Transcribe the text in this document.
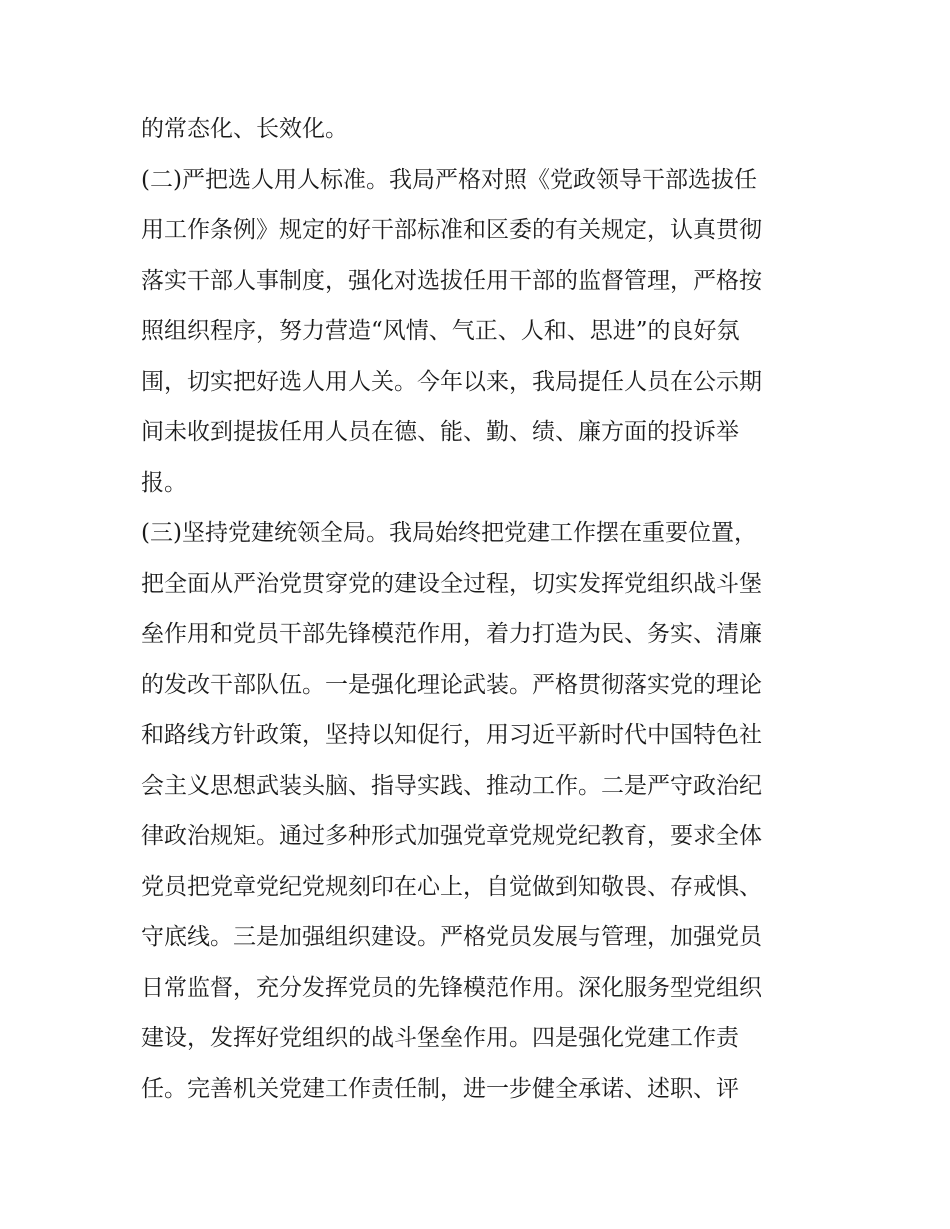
的常态化、长效化。
(二)严把选人用人标准。我局严格对照《党政领导干部选拔任
用工作条例》规定的好干部标准和区委的有关规定，认真贯彻
落实干部人事制度，强化对选拔任用干部的监督管理，严格按
照组织程序，努力营造“风情、气正、人和、思进”的良好氛
围，切实把好选人用人关。今年以来，我局提任人员在公示期
间未收到提拔任用人员在德、能、勤、绩、廉方面的投诉举
报。
(三)坚持党建统领全局。我局始终把党建工作摆在重要位置，
把全面从严治党贯穿党的建设全过程，切实发挥党组织战斗堡
垒作用和党员干部先锋模范作用，着力打造为民、务实、清廉
的发改干部队伍。一是强化理论武装。严格贯彻落实党的理论
和路线方针政策，坚持以知促行，用习近平新时代中国特色社
会主义思想武装头脑、指导实践、推动工作。二是严守政治纪
律政治规矩。通过多种形式加强党章党规党纪教育，要求全体
党员把党章党纪党规刻印在心上，自觉做到知敬畏、存戒惧、
守底线。三是加强组织建设。严格党员发展与管理，加强党员
日常监督，充分发挥党员的先锋模范作用。深化服务型党组织
建设，发挥好党组织的战斗堡垒作用。四是强化党建工作责
任。完善机关党建工作责任制，进一步健全承诺、述职、评
